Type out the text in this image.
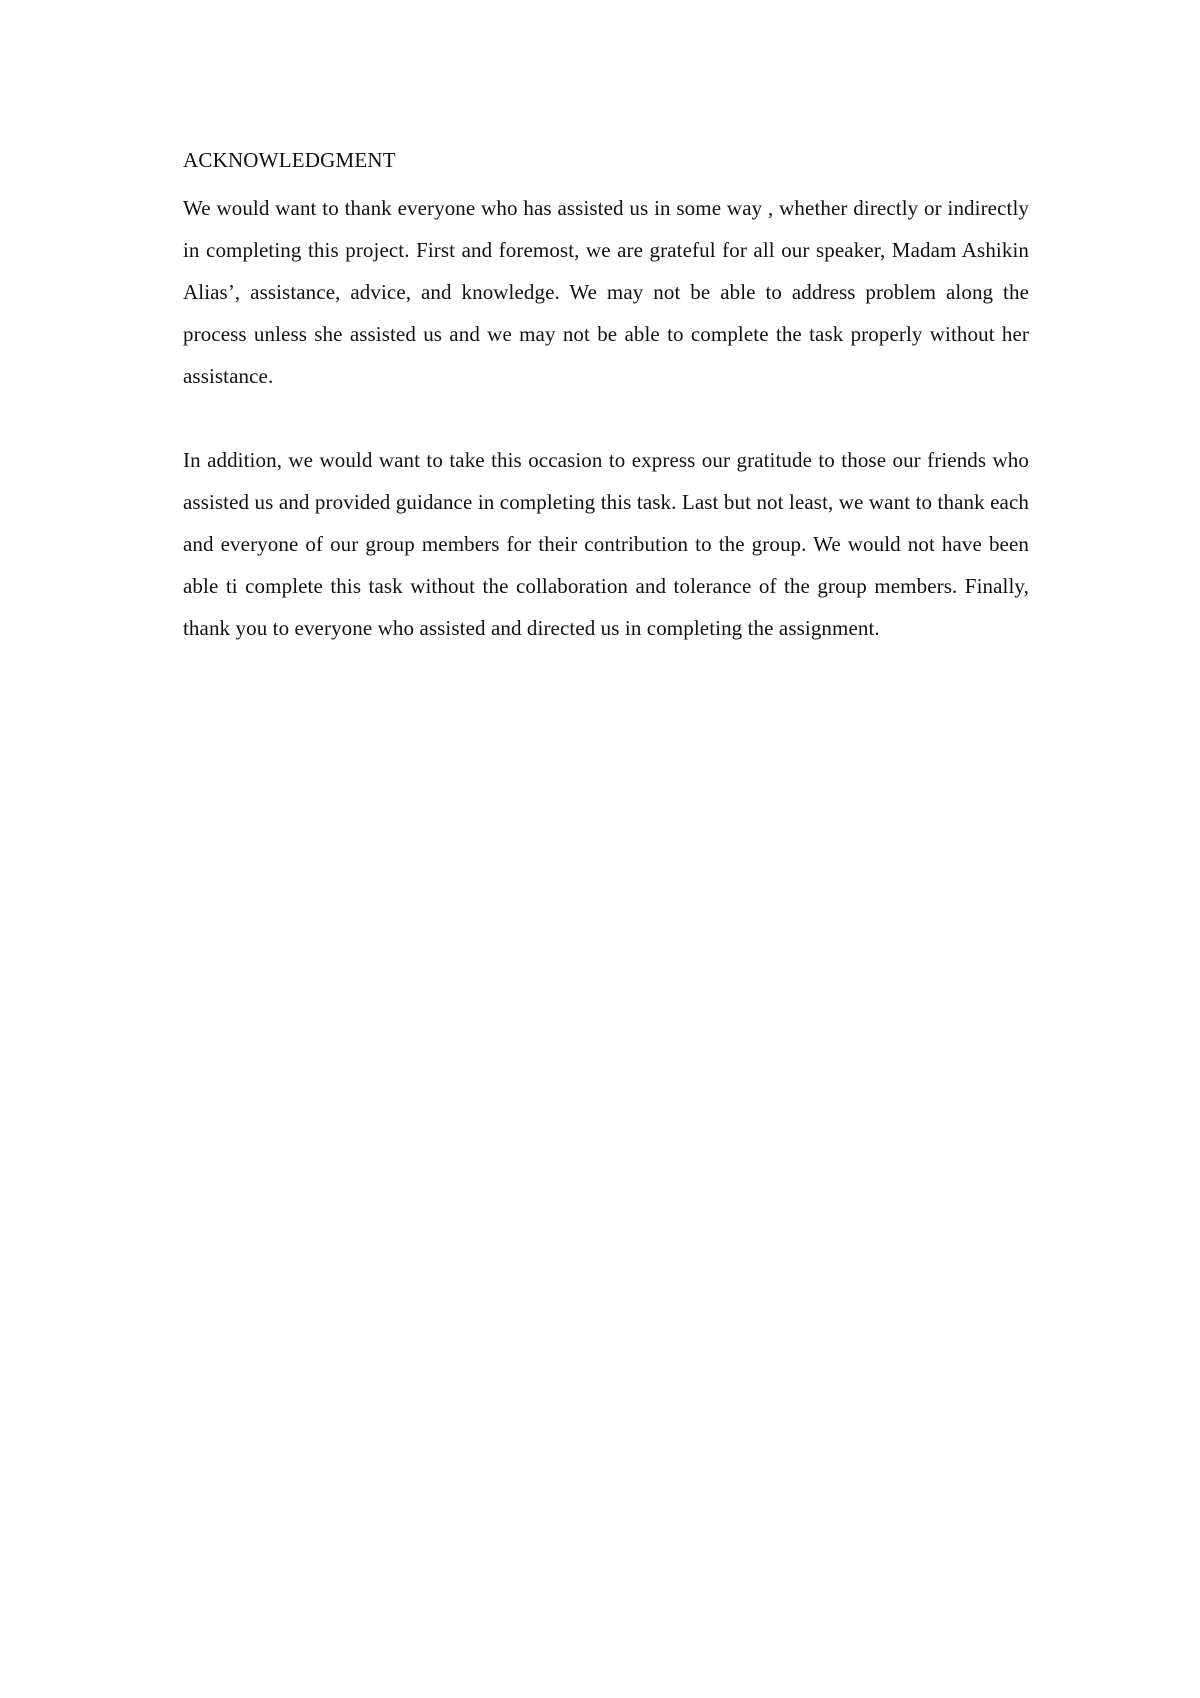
ACKNOWLEDGMENT

We would want to thank everyone who has assisted us in some way , whether directly or indirectly in completing this project. First and foremost, we are grateful for all our speaker, Madam Ashikin Alias’, assistance, advice, and knowledge. We may not be able to address problem along the process unless she assisted us and we may not be able to complete the task properly without her assistance.

In addition, we would want to take this occasion to express our gratitude to those our friends who assisted us and provided guidance in completing this task. Last but not least, we want to thank each and everyone of our group members for their contribution to the group. We would not have been able ti complete this task without the collaboration and tolerance of the group members. Finally, thank you to everyone who assisted and directed us in completing the assignment.
